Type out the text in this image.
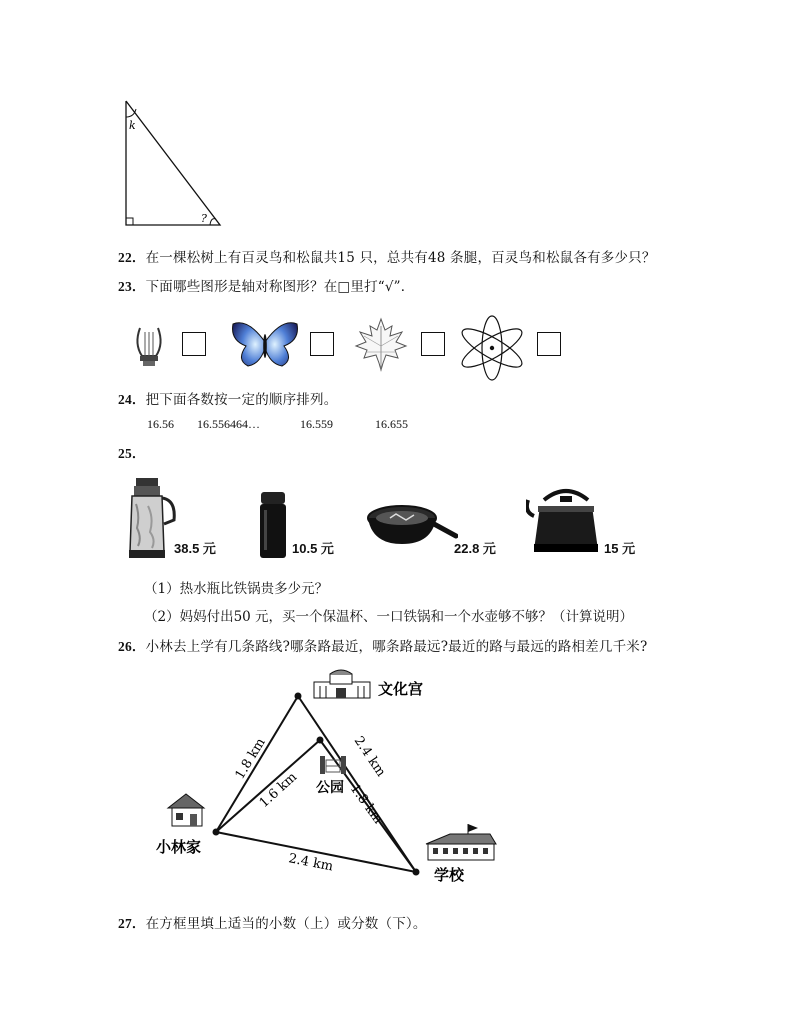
k
?
22．在一棵松树上有百灵鸟和松鼠共15 只，总共有48 条腿，百灵鸟和松鼠各有多少只？
23．下面哪些图形是轴对称图形？在□里打“√”．
24．把下面各数按一定的顺序排列。
16.56 16.556464…	16.559	16.655
25．
38.5 元	10.5 元	22.8 元	15 元
（1）热水瓶比铁锅贵多少元？
（2）妈妈付出50 元，买一个保温杯、一口铁锅和一个水壶够不够？（计算说明）
26．小林去上学有几条路线?哪条路最近，哪条路最远?最近的路与最远的路相差几千米?
文化宫
公园
小林家
学校
1.8 km
1.6 km
2.4 km
1.8 km
2.4 km
27．在方框里填上适当的小数（上）或分数（下）。
